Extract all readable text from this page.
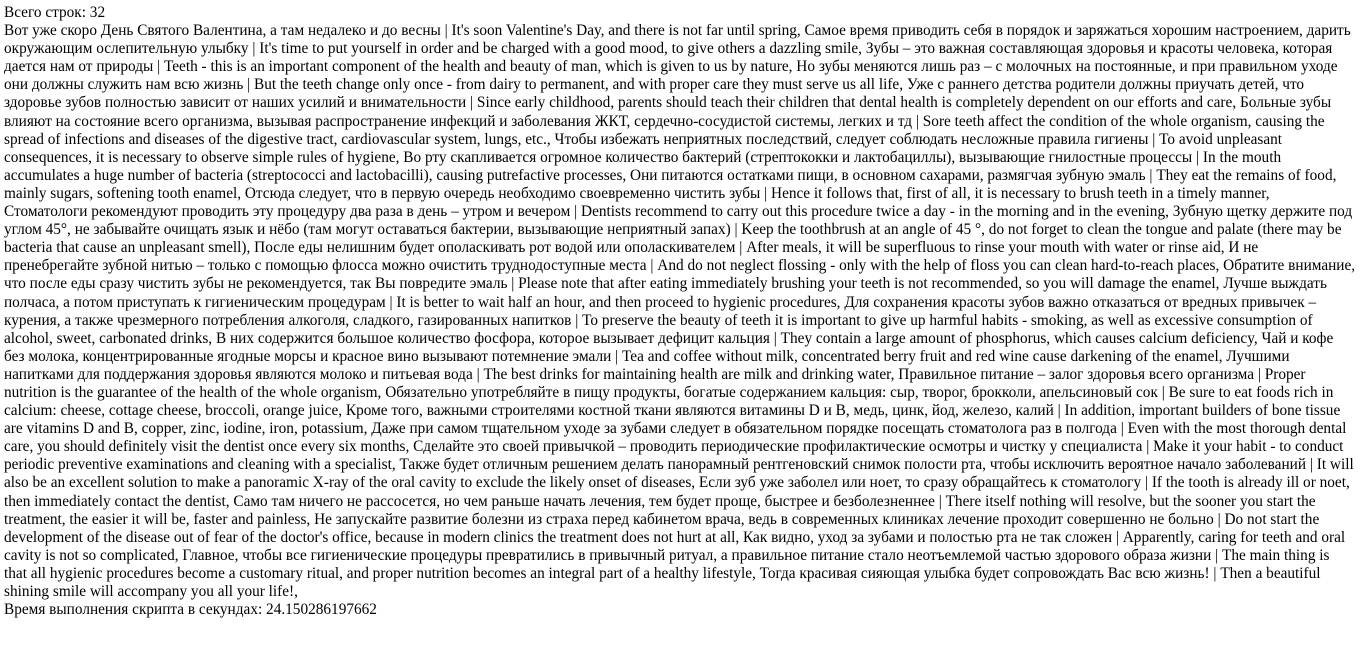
Всего строк: 32

Вот уже скоро День Святого Валентина, а там недалеко и до весны | It's soon Valentine's Day, and there is not far until spring, Самое время приводить себя в порядок и заряжаться хорошим настроением, дарить окружающим ослепительную улыбку | It's time to put yourself in order and be charged with a good mood, to give others a dazzling smile, Зубы – это важная составляющая здоровья и красоты человека, которая дается нам от природы | Teeth - this is an important component of the health and beauty of man, which is given to us by nature, Но зубы меняются лишь раз – с молочных на постоянные, и при правильном уходе они должны служить нам всю жизнь | But the teeth change only once - from dairy to permanent, and with proper care they must serve us all life, Уже с раннего детства родители должны приучать детей, что здоровье зубов полностью зависит от наших усилий и внимательности | Since early childhood, parents should teach their children that dental health is completely dependent on our efforts and care, Больные зубы влияют на состояние всего организма, вызывая распространение инфекций и заболевания ЖКТ, сердечно-сосудистой системы, легких и тд | Sore teeth affect the condition of the whole organism, causing the spread of infections and diseases of the digestive tract, cardiovascular system, lungs, etc., Чтобы избежать неприятных последствий, следует соблюдать несложные правила гигиены | To avoid unpleasant consequences, it is necessary to observe simple rules of hygiene, Во рту скапливается огромное количество бактерий (стрептококки и лактобациллы), вызывающие гнилостные процессы | In the mouth accumulates a huge number of bacteria (streptococci and lactobacilli), causing putrefactive processes, Они питаются остатками пищи, в основном сахарами, размягчая зубную эмаль | They eat the remains of food, mainly sugars, softening tooth enamel, Отсюда следует, что в первую очередь необходимо своевременно чистить зубы | Hence it follows that, first of all, it is necessary to brush teeth in a timely manner, Стоматологи рекомендуют проводить эту процедуру два раза в день – утром и вечером | Dentists recommend to carry out this procedure twice a day - in the morning and in the evening, Зубную щетку держите под углом 45°, не забывайте очищать язык и нёбо (там могут оставаться бактерии, вызывающие неприятный запах) | Keep the toothbrush at an angle of 45 °, do not forget to clean the tongue and palate (there may be bacteria that cause an unpleasant smell), После еды нелишним будет ополаскивать рот водой или ополаскивателем | After meals, it will be superfluous to rinse your mouth with water or rinse aid, И не пренебрегайте зубной нитью – только с помощью флосса можно очистить труднодоступные места | And do not neglect flossing - only with the help of floss you can clean hard-to-reach places, Обратите внимание, что после еды сразу чистить зубы не рекомендуется, так Вы повредите эмаль | Please note that after eating immediately brushing your teeth is not recommended, so you will damage the enamel, Лучше выждать полчаса, а потом приступать к гигиеническим процедурам | It is better to wait half an hour, and then proceed to hygienic procedures, Для сохранения красоты зубов важно отказаться от вредных привычек – курения, а также чрезмерного потребления алкоголя, сладкого, газированных напитков | To preserve the beauty of teeth it is important to give up harmful habits - smoking, as well as excessive consumption of alcohol, sweet, carbonated drinks, В них содержится большое количество фосфора, которое вызывает дефицит кальция | They contain a large amount of phosphorus, which causes calcium deficiency, Чай и кофе без молока, концентрированные ягодные морсы и красное вино вызывают потемнение эмали | Tea and coffee without milk, concentrated berry fruit and red wine cause darkening of the enamel, Лучшими напитками для поддержания здоровья являются молоко и питьевая вода | The best drinks for maintaining health are milk and drinking water, Правильное питание – залог здоровья всего организма | Proper nutrition is the guarantee of the health of the whole organism, Обязательно употребляйте в пищу продукты, богатые содержанием кальция: сыр, творог, брокколи, апельсиновый сок | Be sure to eat foods rich in calcium: cheese, cottage cheese, broccoli, orange juice, Кроме того, важными строителями костной ткани являются витамины D и B, медь, цинк, йод, железо, калий | In addition, important builders of bone tissue are vitamins D and B, copper, zinc, iodine, iron, potassium, Даже при самом тщательном уходе за зубами следует в обязательном порядке посещать стоматолога раз в полгода | Even with the most thorough dental care, you should definitely visit the dentist once every six months, Сделайте это своей привычкой – проводить периодические профилактические осмотры и чистку у специалиста | Make it your habit - to conduct periodic preventive examinations and cleaning with a specialist, Также будет отличным решением делать панорамный рентгеновский снимок полости рта, чтобы исключить вероятное начало заболеваний | It will also be an excellent solution to make a panoramic X-ray of the oral cavity to exclude the likely onset of diseases, Если зуб уже заболел или ноет, то сразу обращайтесь к стоматологу | If the tooth is already ill or noet, then immediately contact the dentist, Само там ничего не рассосется, но чем раньше начать лечения, тем будет проще, быстрее и безболезненнее | There itself nothing will resolve, but the sooner you start the treatment, the easier it will be, faster and painless, Не запускайте развитие болезни из страха перед кабинетом врача, ведь в современных клиниках лечение проходит совершенно не больно | Do not start the development of the disease out of fear of the doctor's office, because in modern clinics the treatment does not hurt at all, Как видно, уход за зубами и полостью рта не так сложен | Apparently, caring for teeth and oral cavity is not so complicated, Главное, чтобы все гигиенические процедуры превратились в привычный ритуал, а правильное питание стало неотъемлемой частью здорового образа жизни | The main thing is that all hygienic procedures become a customary ritual, and proper nutrition becomes an integral part of a healthy lifestyle, Тогда красивая сияющая улыбка будет сопровождать Вас всю жизнь! | Then a beautiful shining smile will accompany you all your life!,

Время выполнения скрипта в секундах: 24.150286197662
